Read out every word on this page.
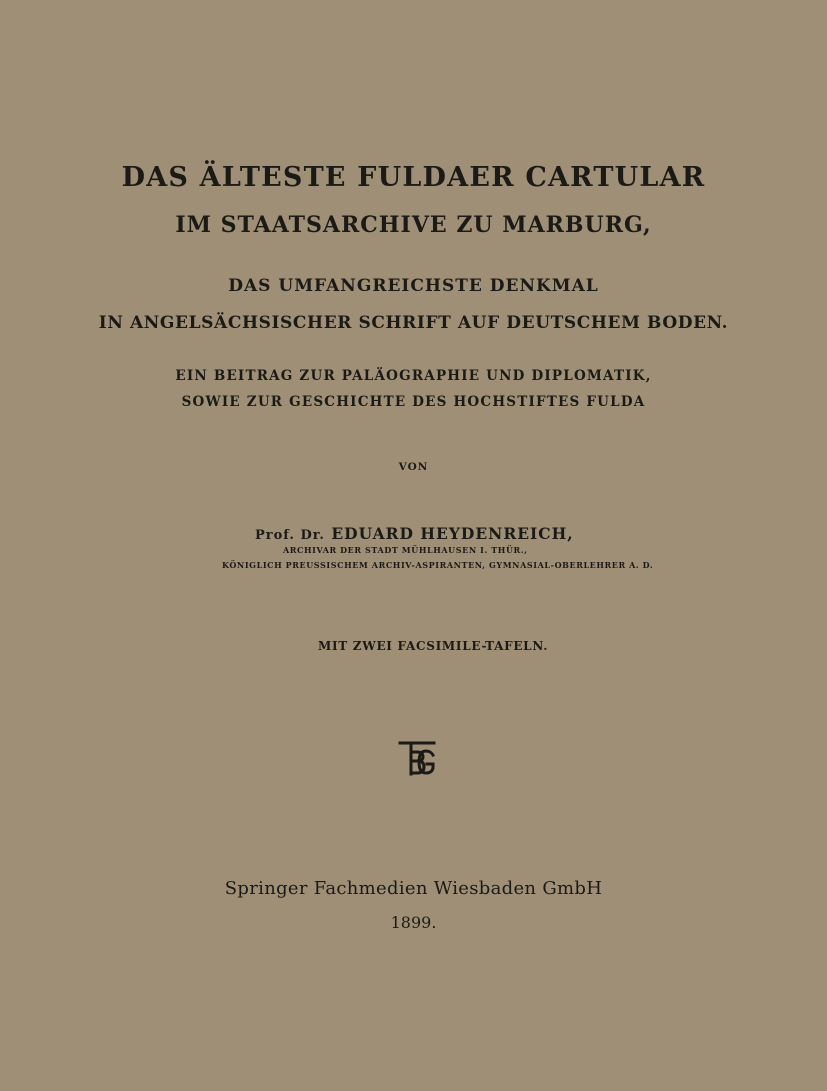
DAS ÄLTESTE FULDAER CARTULAR
IM STAATSARCHIVE ZU MARBURG,
DAS UMFANGREICHSTE DENKMAL
IN ANGELSÄCHSISCHER SCHRIFT AUF DEUTSCHEM BODEN.
EIN BEITRAG ZUR PALÄOGRAPHIE UND DIPLOMATIK,
SOWIE ZUR GESCHICHTE DES HOCHSTIFTES FULDA
VON
Prof. Dr. EDUARD HEYDENREICH,
ARCHIVAR DER STADT MÜHLHAUSEN I. THÜR.,
KÖNIGLICH PREUSSISCHEM ARCHIV-ASPIRANTEN, GYMNASIAL-OBERLEHRER A. D.
MIT ZWEI FACSIMILE-TAFELN.
Springer Fachmedien Wiesbaden GmbH
1899.
